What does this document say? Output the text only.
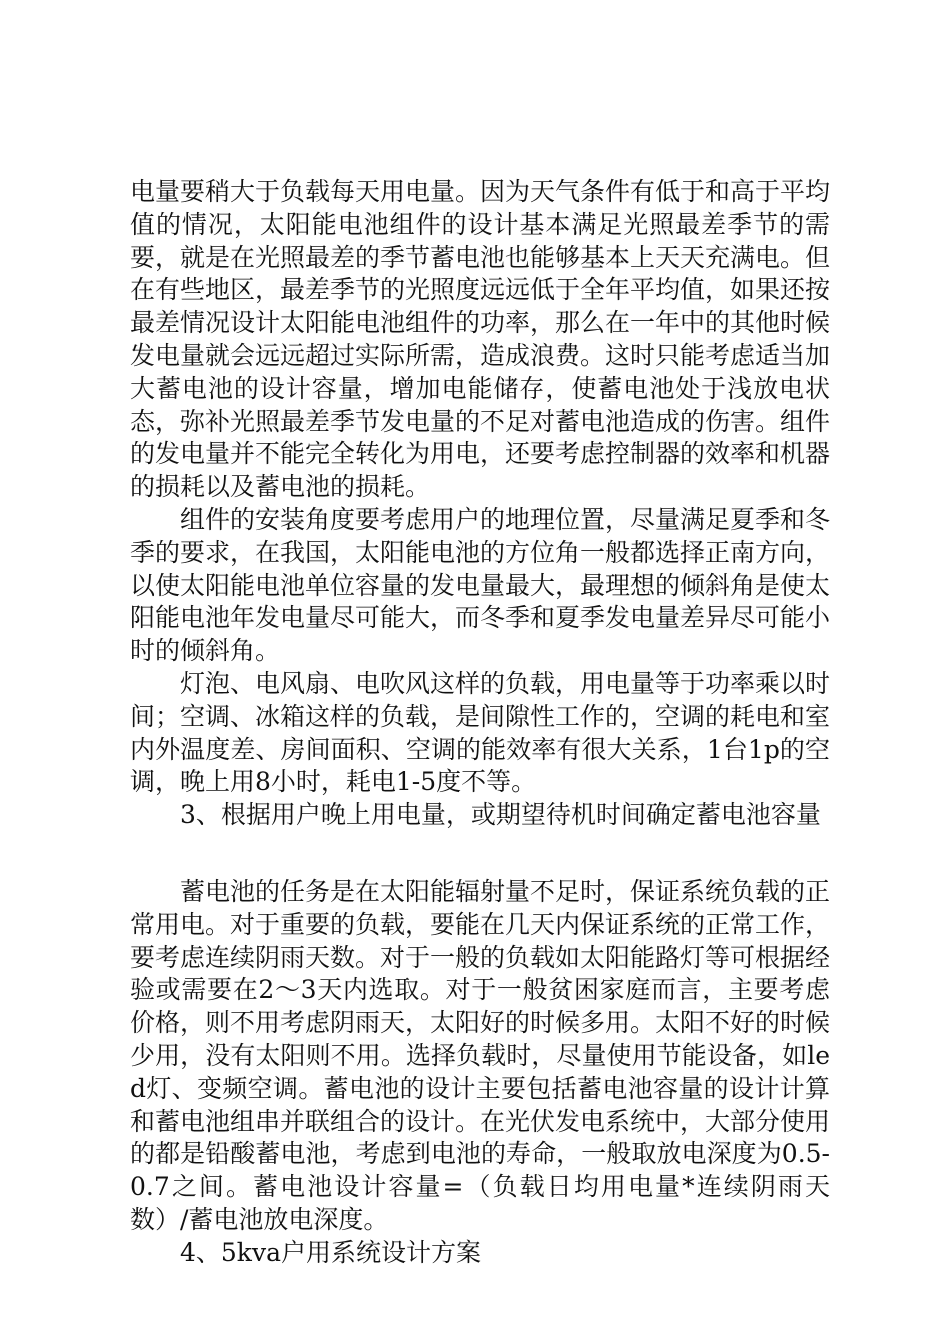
电量要稍大于负载每天用电量。因为天气条件有低于和高于平均值的情况，太阳能电池组件的设计基本满足光照最差季节的需要，就是在光照最差的季节蓄电池也能够基本上天天充满电。但在有些地区，最差季节的光照度远远低于全年平均值，如果还按最差情况设计太阳能电池组件的功率，那么在一年中的其他时候发电量就会远远超过实际所需，造成浪费。这时只能考虑适当加大蓄电池的设计容量，增加电能储存，使蓄电池处于浅放电状态，弥补光照最差季节发电量的不足对蓄电池造成的伤害。组件的发电量并不能完全转化为用电，还要考虑控制器的效率和机器的损耗以及蓄电池的损耗。

组件的安装角度要考虑用户的地理位置，尽量满足夏季和冬季的要求，在我国，太阳能电池的方位角一般都选择正南方向，以使太阳能电池单位容量的发电量最大，最理想的倾斜角是使太阳能电池年发电量尽可能大，而冬季和夏季发电量差异尽可能小时的倾斜角。

灯泡、电风扇、电吹风这样的负载，用电量等于功率乘以时间；空调、冰箱这样的负载，是间隙性工作的，空调的耗电和室内外温度差、房间面积、空调的能效率有很大关系，1台1p的空调，晚上用8小时，耗电1-5度不等。

3、根据用户晚上用电量，或期望待机时间确定蓄电池容量

蓄电池的任务是在太阳能辐射量不足时，保证系统负载的正常用电。对于重要的负载，要能在几天内保证系统的正常工作，要考虑连续阴雨天数。对于一般的负载如太阳能路灯等可根据经验或需要在2～3天内选取。对于一般贫困家庭而言，主要考虑价格，则不用考虑阴雨天，太阳好的时候多用。太阳不好的时候少用，没有太阳则不用。选择负载时，尽量使用节能设备，如led灯、变频空调。蓄电池的设计主要包括蓄电池容量的设计计算和蓄电池组串并联组合的设计。在光伏发电系统中，大部分使用的都是铅酸蓄电池，考虑到电池的寿命，一般取放电深度为0.5-0.7之间。蓄电池设计容量=（负载日均用电量*连续阴雨天数）/蓄电池放电深度。

4、5kva户用系统设计方案
